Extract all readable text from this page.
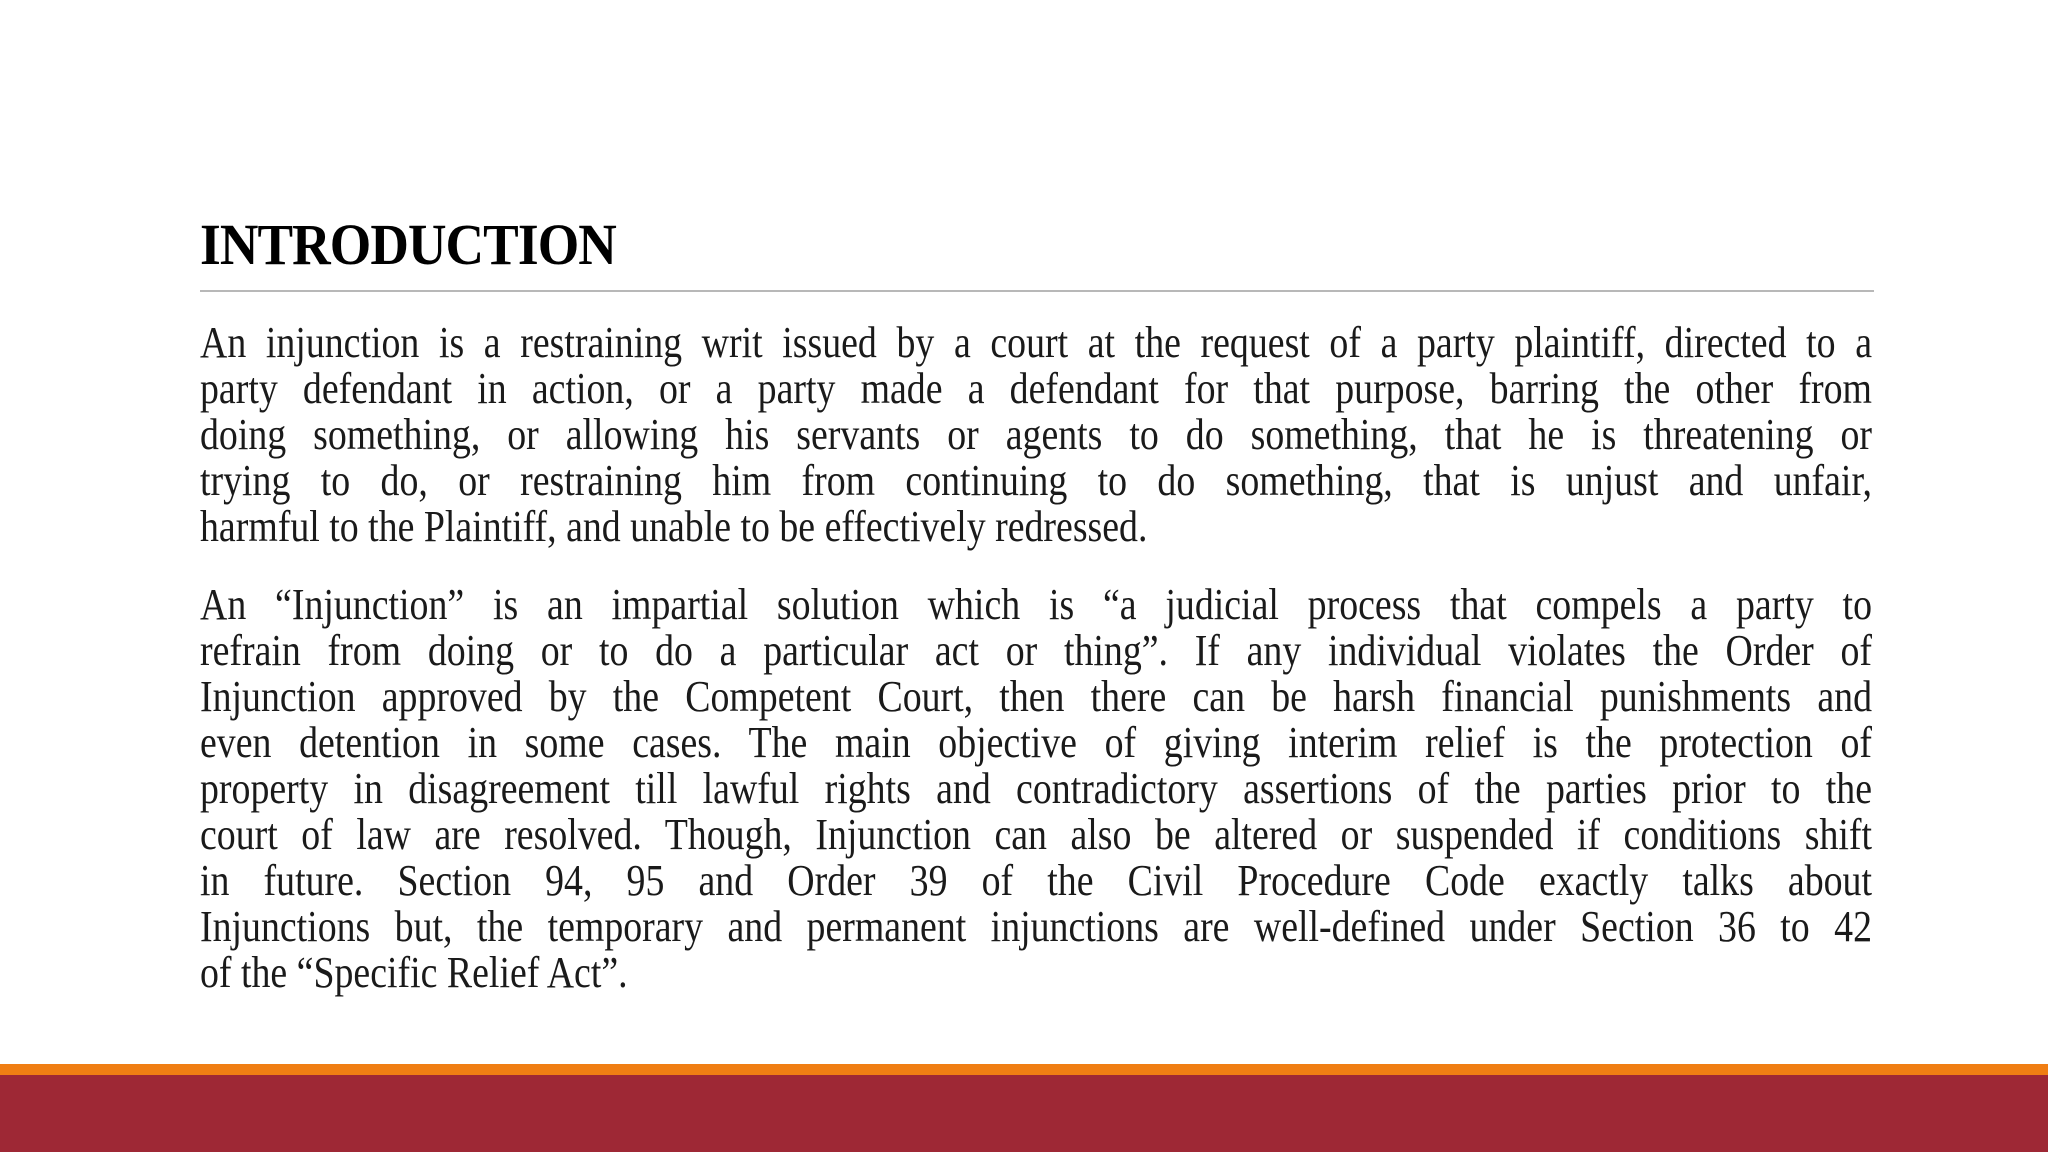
INTRODUCTION
An injunction is a restraining writ issued by a court at the request of a party plaintiff, directed to a
party defendant in action, or a party made a defendant for that purpose, barring the other from
doing something, or allowing his servants or agents to do something, that he is threatening or
trying to do, or restraining him from continuing to do something, that is unjust and unfair,
harmful to the Plaintiff, and unable to be effectively redressed.
An “Injunction” is an impartial solution which is “a judicial process that compels a party to
refrain from doing or to do a particular act or thing”. If any individual violates the Order of
Injunction approved by the Competent Court, then there can be harsh financial punishments and
even detention in some cases. The main objective of giving interim relief is the protection of
property in disagreement till lawful rights and contradictory assertions of the parties prior to the
court of law are resolved. Though, Injunction can also be altered or suspended if conditions shift
in future. Section 94, 95 and Order 39 of the Civil Procedure Code exactly talks about
Injunctions but, the temporary and permanent injunctions are well-defined under Section 36 to 42
of the “Specific Relief Act”.
